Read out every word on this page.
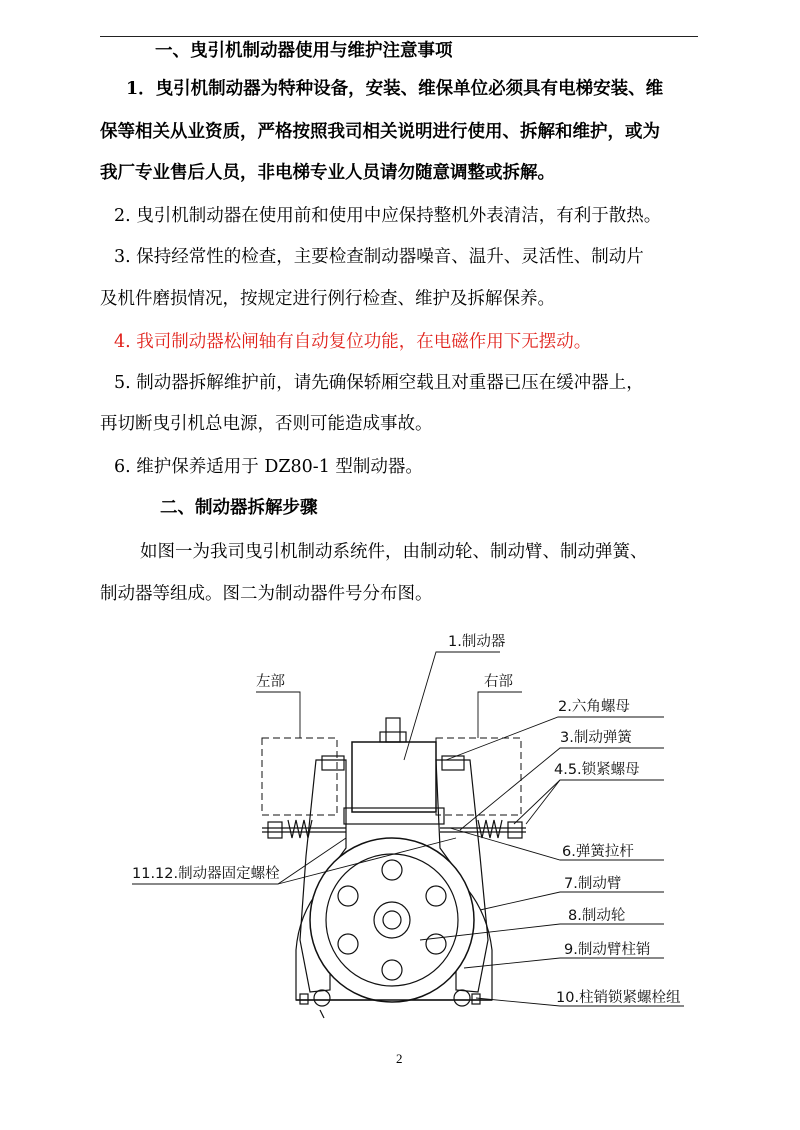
一、曳引机制动器使用与维护注意事项
1．曳引机制动器为特种设备，安装、维保单位必须具有电梯安装、维
保等相关从业资质，严格按照我司相关说明进行使用、拆解和维护，或为
我厂专业售后人员，非电梯专业人员请勿随意调整或拆解。
2. 曳引机制动器在使用前和使用中应保持整机外表清洁，有利于散热。
3. 保持经常性的检查，主要检查制动器噪音、温升、灵活性、制动片
及机件磨损情况，按规定进行例行检查、维护及拆解保养。
4. 我司制动器松闸轴有自动复位功能，在电磁作用下无摆动。
5. 制动器拆解维护前，请先确保轿厢空载且对重器已压在缓冲器上，
再切断曳引机总电源，否则可能造成事故。
6. 维护保养适用于 DZ80-1 型制动器。
二、制动器拆解步骤
如图一为我司曳引机制动系统件，由制动轮、制动臂、制动弹簧、
制动器等组成。图二为制动器件号分布图。
1.制动器
左部	右部
2.六角螺母
3.制动弹簧
4.5.锁紧螺母
6.弹簧拉杆
11.12.制动器固定螺栓
7.制动臂
8.制动轮
9.制动臂柱销
10.柱销锁紧螺栓组
2
